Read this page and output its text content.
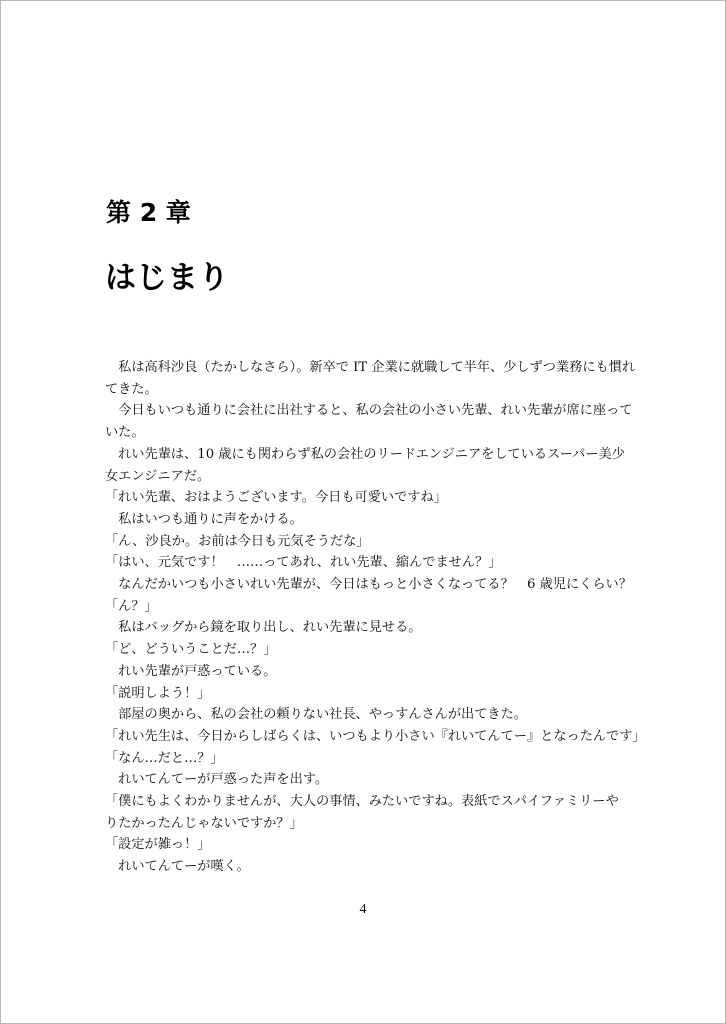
第 2 章
はじまり

　私は高科沙良（たかしなさら）。新卒で IT 企業に就職して半年、少しずつ業務にも慣れ

てきた。

　今日もいつも通りに会社に出社すると、私の会社の小さい先輩、れい先輩が席に座って

いた。

　れい先輩は、10 歳にも関わらず私の会社のリードエンジニアをしているスーパー美少

女エンジニアだ。

「れい先輩、おはようございます。今日も可愛いですね」

　私はいつも通りに声をかける。

「ん、沙良か。お前は今日も元気そうだな」

「はい、元気です！　……ってあれ、れい先輩、縮んでません？」

　なんだかいつも小さいれい先輩が、今日はもっと小さくなってる？　6 歳児にくらい？

「ん？」

　私はバッグから鏡を取り出し、れい先輩に見せる。

「ど、どういうことだ…？」

　れい先輩が戸惑っている。

「説明しよう！」

　部屋の奥から、私の会社の頼りない社長、やっすんさんが出てきた。

「れい先生は、今日からしばらくは、いつもより小さい『れいてんてー』となったんです」

「なん…だと…？」

　れいてんてーが戸惑った声を出す。

「僕にもよくわかりませんが、大人の事情、みたいですね。表紙でスパイファミリーや

りたかったんじゃないですか？」

「設定が雑っ！」

　れいてんてーが嘆く。

4
